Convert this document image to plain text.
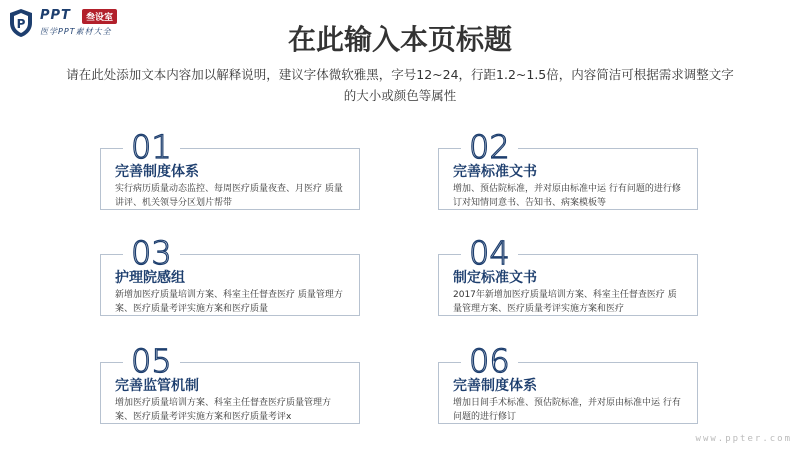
P
PPT	叁设室
医学PPT素材大全	在此输入本页标题
请在此处添加文本内容加以解释说明，建议字体微软雅黑，字号12~24，行距1.2~1.5倍，内容简洁可根据需求调整文字的大小或颜色等属性
01
完善制度体系
实行病历质量动态监控、每周医疗质量夜查、月医疗 质量讲评、机关领导分区划片帮带
02
完善标准文书
增加、预估院标准，并对原由标准中运 行有问题的进行修订对知情同意书、告知书、病案模板等
03
护理院感组
新增加医疗质量培训方案、科室主任督查医疗 质量管理方案、医疗质量考评实施方案和医疗质量
04
制定标准文书
2017年新增加医疗质量培训方案、科室主任督查医疗 质量管理方案、医疗质量考评实施方案和医疗
05
完善监管机制
增加医疗质量培训方案、科室主任督查医疗质量管理方案、医疗质量考评实施方案和医疗质量考评x
06
完善制度体系
增加日间手术标准、预估院标准，并对原由标准中运 行有问题的进行修订
www.ppter.com
